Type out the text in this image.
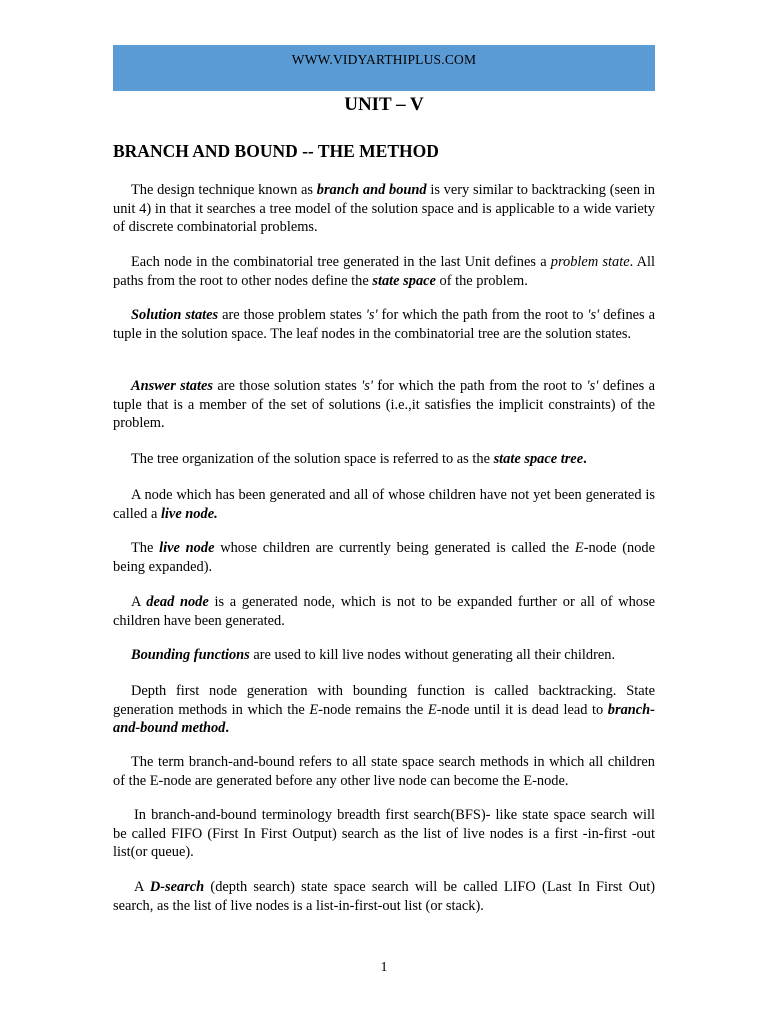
WWW.VIDYARTHIPLUS.COM
UNIT – V
BRANCH AND BOUND -- THE METHOD

The design technique known as branch and bound is very similar to backtracking (seen in unit 4) in that it searches a tree model of the solution space and is applicable to a wide variety of discrete combinatorial problems.

Each node in the combinatorial tree generated in the last Unit defines a problem state. All paths from the root to other nodes define the state space of the problem.

Solution states are those problem states 's' for which the path from the root to 's' defines a tuple in the solution space. The leaf nodes in the combinatorial tree are the solution states.

Answer states are those solution states 's' for which the path from the root to 's' defines a tuple that is a member of the set of solutions (i.e.,it satisfies the implicit constraints) of the problem.

The tree organization of the solution space is referred to as the state space tree.

A node which has been generated and all of whose children have not yet been generated is called a live node.

The live node whose children are currently being generated is called the E-node (node being expanded).

A dead node is a generated node, which is not to be expanded further or all of whose children have been generated.

Bounding functions are used to kill live nodes without generating all their children.

Depth first node generation with bounding function is called backtracking. State generation methods in which the E-node remains the E-node until it is dead lead to branch-and-bound method.

The term branch-and-bound refers to all state space search methods in which all children of the E-node are generated before any other live node can become the E-node.

In branch-and-bound terminology breadth first search(BFS)- like state space search will be called FIFO (First In First Output) search as the list of live nodes is a first -in-first -out list(or queue).

A D-search (depth search) state space search will be called LIFO (Last In First Out) search, as the list of live nodes is a list-in-first-out list (or stack).

1
